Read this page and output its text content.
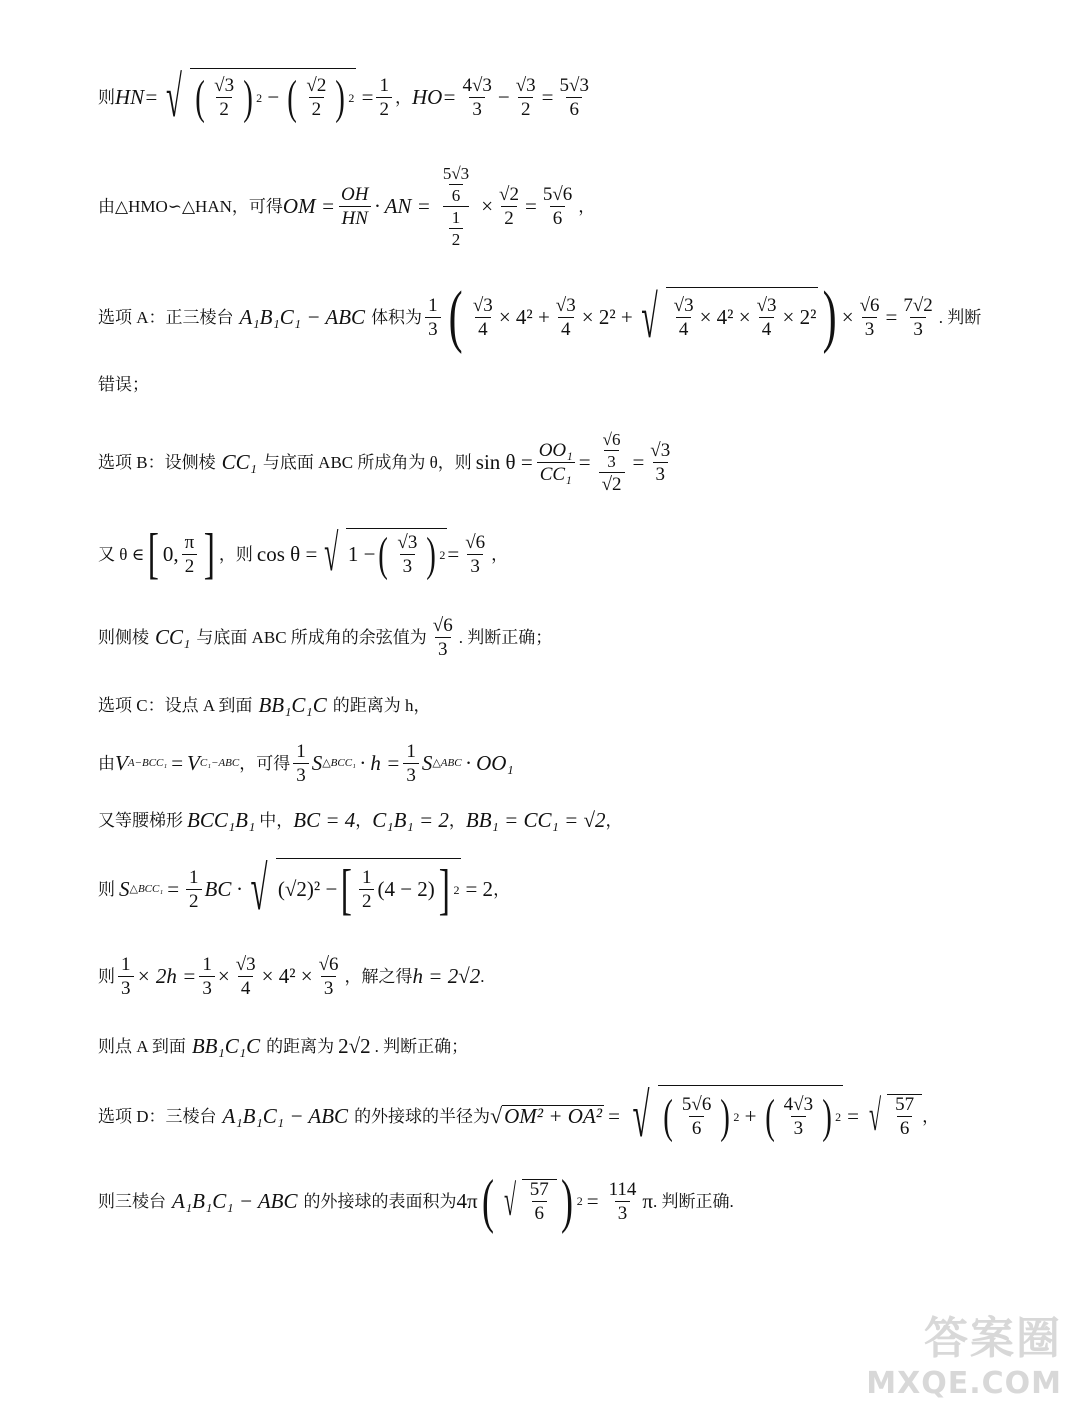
则 HN= √ ( $\frac{√3}{2}$ ) 2 − ( $\frac{√2}{2}$ ) $2 = \frac{1}{2}$ ， $HO= \frac{4√3}{3} - \frac{√3}{2} = \frac{5√3}{6}$
由△HMO∽△HAN，可得 OM = $\frac{OH}{HN}$ · AN = $\frac{\frac{5√3}{6}}{\frac{1}{2}} \times \frac{√2}{2} = \frac{5√6}{6}$ ，
选项 A：正三棱台 A₁B₁C₁ − ABC 体积为 $\frac{1}{3}$ ( $\frac{√3}{4} \times 4^2 + \frac{√3}{4} \times 2^2$ + √ $\frac{√3}{4} \times 4^2 \times \frac{√3}{4} \times 2^2$ ) × $\frac{√6}{3} = \frac{7√2}{3}$ . 判断
错误；
选项 B：设侧棱 CC₁ 与底面 ABC 所成角为 θ，则 $\sin \theta = \frac{\text{OO₁}}{\text{CC₁}} = \frac{\frac{√6}{3}}{√2} = \frac{√3}{3}$
又 θ ∈ [ 0, $\frac{\pi}{2}$ ] ，则 cos θ = √ 1 − ( $\frac{√3}{3}$ ) $2 = \frac{√6}{3}$ ，
则侧棱 CC₁ 与底面 ABC 所成角的余弦值为 $\frac{√6}{3}$ . 判断正确；
选项 C：设点 A 到面 BB₁C₁C 的距离为 h，
由 V A−BCC₁ = V C₁−ABC ，可得 $\frac{1}{3}$ S △BCC₁ · $h = \frac{1}{3}$ S △ABC · OO₁
又等腰梯形 BCC₁B₁ 中， BC = 4 ， C₁B₁ = 2 ， BB₁ = CC₁ = √2 ，
则 S △BCC₁ = $\frac{1}{2}$ BC · √ (√2)² − [ $\frac{1}{2} (4 - 2)$ ] 2 = 2 ，
则 $\frac{1}{3} \times 2h = \frac{1}{3} \times \frac{√3}{4} \times 4^2 \times \frac{√6}{3}$ ，解之得 h = 2√2 .
则点 A 到面 BB₁C₁C 的距离为 2√2 . 判断正确；
选项 D：三棱台 A₁B₁C₁ − ABC 的外接球的半径为 √ OM² + OA² = √ ( $\frac{5√6}{6}$ ) 2 + ( $\frac{4√3}{3}$ ) 2 = √ $\frac{57}{6}$ ，
则三棱台 A₁B₁C₁ − ABC 的外接球的表面积为 4π ( √ $\frac{57}{6}$ ) $2 = \frac{114}{3}$ π . 判断正确.
答案圈
MXQE.COM
